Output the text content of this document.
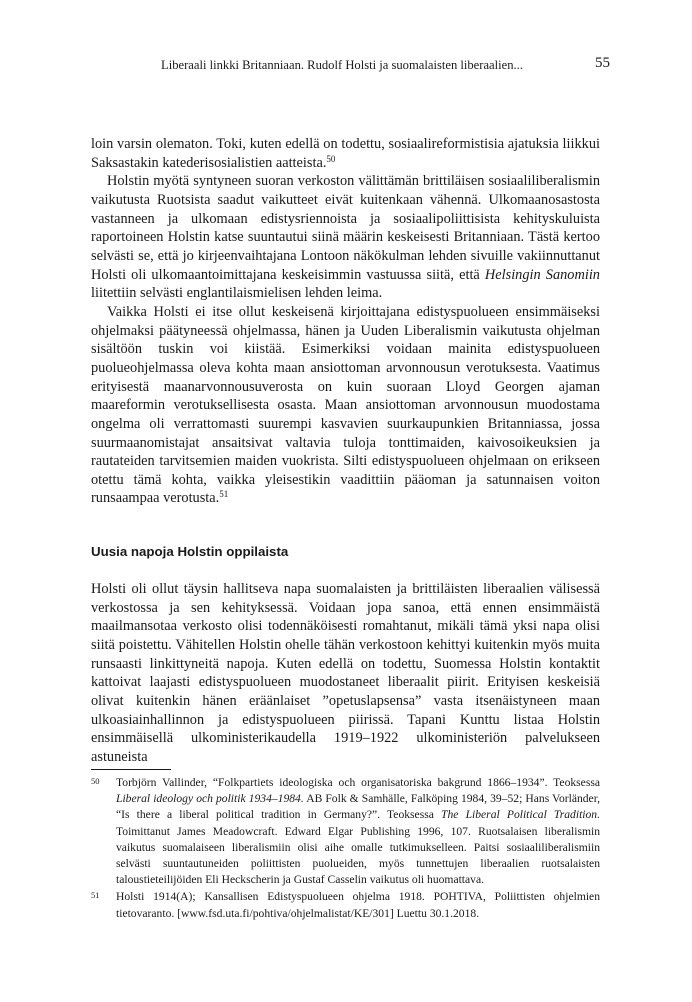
Liberaali linkki Britanniaan. Rudolf Holsti ja suomalaisten liberaalien...	55

loin varsin olematon. Toki, kuten edellä on todettu, sosiaalireformistisia ajatuksia liikkui Saksastakin katederisosialistien aatteista.$^{50}$

Holstin myötä syntyneen suoran verkoston välittämän brittiläisen sosiaaliliberalismin vaikutusta Ruotsista saadut vaikutteet eivät kuitenkaan vähennä. Ulkomaanosastosta vastanneen ja ulkomaan edistysriennoista ja sosiaalipoliittisista kehityskuluista raportoineen Holstin katse suuntautui siinä määrin keskeisesti Britanniaan. Tästä kertoo selvästi se, että jo kirjeenvaihtajana Lontoon näkökulman lehden sivuille vakiinnuttanut Holsti oli ulkomaantoimittajana keskeisimmin vastuussa siitä, että Helsingin Sanomiin liitettiin selvästi englantilaismielisen lehden leima.

Vaikka Holsti ei itse ollut keskeisenä kirjoittajana edistyspuolueen ensimmäiseksi ohjelmaksi päätyneessä ohjelmassa, hänen ja Uuden Liberalismin vaikutusta ohjelman sisältöön tuskin voi kiistää. Esimerkiksi voidaan mainita edistyspuolueen puolueohjelmassa oleva kohta maan ansiottoman arvonnousun verotuksesta. Vaatimus erityisestä maanarvonnousuverosta on kuin suoraan Lloyd Georgen ajaman maareformin verotuksellisesta osasta. Maan ansiottoman arvonnousun muodostama ongelma oli verrattomasti suurempi kasvavien suurkaupunkien Britanniassa, jossa suurmaanomistajat ansaitsivat valtavia tuloja tonttimaiden, kaivosoikeuksien ja rautateiden tarvitsemien maiden vuokrista. Silti edistyspuolueen ohjelmaan on erikseen otettu tämä kohta, vaikka yleisestikin vaadittiin pääoman ja satunnaisen voiton runsaampaa verotusta.$^{51}$

Uusia napoja Holstin oppilaista

Holsti oli ollut täysin hallitseva napa suomalaisten ja brittiläisten liberaalien välisessä verkostossa ja sen kehityksessä. Voidaan jopa sanoa, että ennen ensimmäistä maailmansotaa verkosto olisi todennäköisesti romahtanut, mikäli tämä yksi napa olisi siitä poistettu. Vähitellen Holstin ohelle tähän verkostoon kehittyi kuitenkin myös muita runsaasti linkittyneitä napoja. Kuten edellä on todettu, Suomessa Holstin kontaktit kattoivat laajasti edistyspuolueen muodostaneet liberaalit piirit. Erityisen keskeisiä olivat kuitenkin hänen eräänlaiset ”opetuslapsensa” vasta itsenäistyneen maan ulkoasiainhallinnon ja edistyspuolueen piirissä. Tapani Kunttu listaa Holstin ensimmäisellä ulkoministerikaudella 1919–1922 ulkoministeriön palvelukseen astuneista

50	Torbjörn Vallinder, “Folkpartiets ideologiska och organisatoriska bakgrund 1866–1934”. Teoksessa Liberal ideology och politik 1934–1984. AB Folk & Samhälle, Falköping 1984, 39–52; Hans Vorländer, “Is there a liberal political tradition in Germany?”. Teoksessa The Liberal Political Tradition. Toimittanut James Meadowcraft. Edward Elgar Publishing 1996, 107. Ruotsalaisen liberalismin vaikutus suomalaiseen liberalismiin olisi aihe omalle tutkimukselleen. Paitsi sosiaaliliberalismiin selvästi suuntautuneiden poliittisten puolueiden, myös tunnettujen liberaalien ruotsalaisten taloustieteilijöiden Eli Heckscherin ja Gustaf Casselin vaikutus oli huomattava.
51	Holsti 1914(A); Kansallisen Edistyspuolueen ohjelma 1918. POHTIVA, Poliittisten ohjelmien tietovaranto. [www.fsd.uta.fi/pohtiva/ohjelmalistat/KE/301] Luettu 30.1.2018.
